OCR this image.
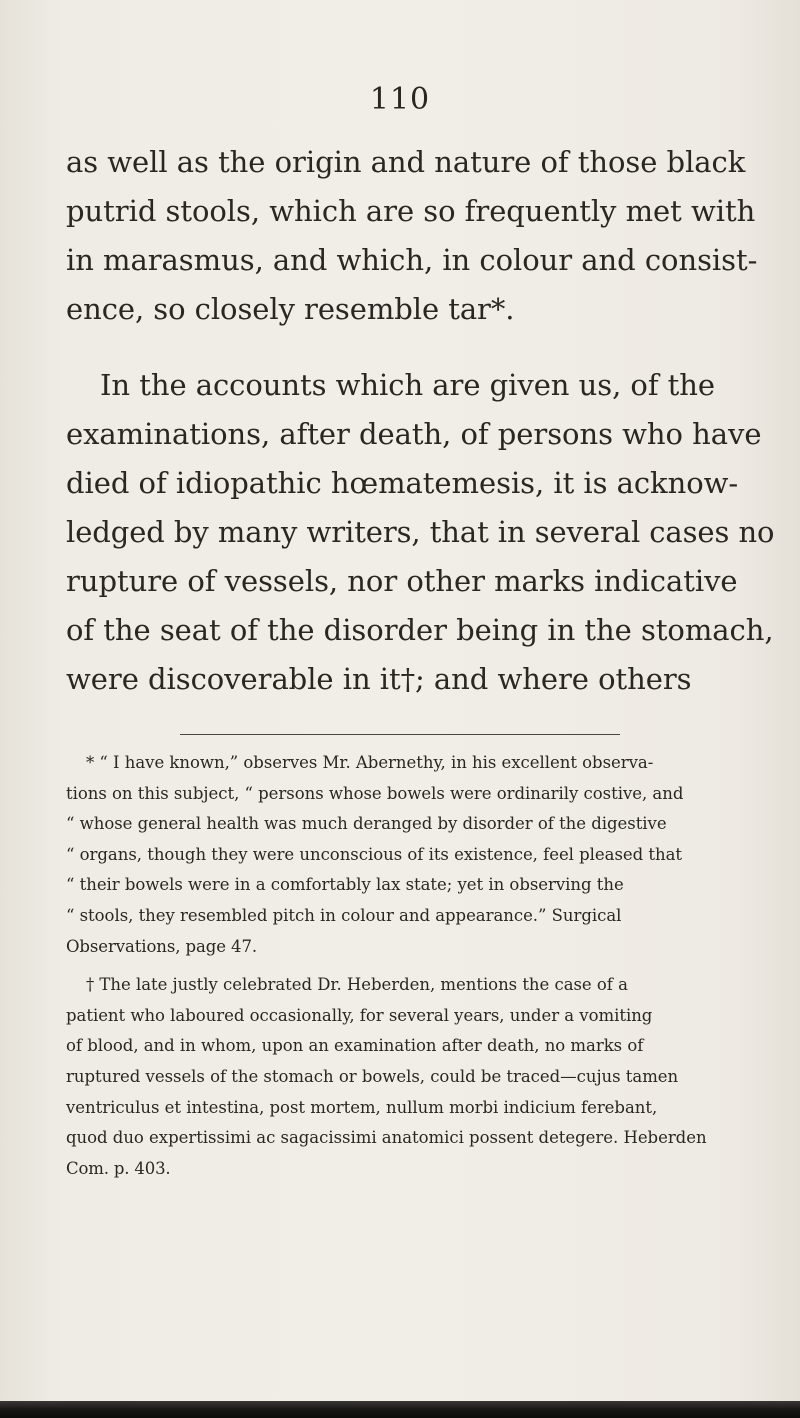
110
as well as the origin and nature of those black
putrid stools, which are so frequently met with
in marasmus, and which, in colour and consist-
ence, so closely resemble tar*.
In the accounts which are given us, of the
examinations, after death, of persons who have
died of idiopathic hœmatemesis, it is acknow-
ledged by many writers, that in several cases no
rupture of vessels, nor other marks indicative
of the seat of the disorder being in the stomach,
were discoverable in it†; and where others
* “ I have known,” observes Mr. Abernethy, in his excellent observa-
tions on this subject, “ persons whose bowels were ordinarily costive, and
“ whose general health was much deranged by disorder of the digestive
“ organs, though they were unconscious of its existence, feel pleased that
“ their bowels were in a comfortably lax state; yet in observing the
“ stools, they resembled pitch in colour and appearance.” Surgical
Observations, page 47.
† The late justly celebrated Dr. Heberden, mentions the case of a
patient who laboured occasionally, for several years, under a vomiting
of blood, and in whom, upon an examination after death, no marks of
ruptured vessels of the stomach or bowels, could be traced—cujus tamen
ventriculus et intestina, post mortem, nullum morbi indicium ferebant,
quod duo expertissimi ac sagacissimi anatomici possent detegere. Heberden
Com. p. 403.
